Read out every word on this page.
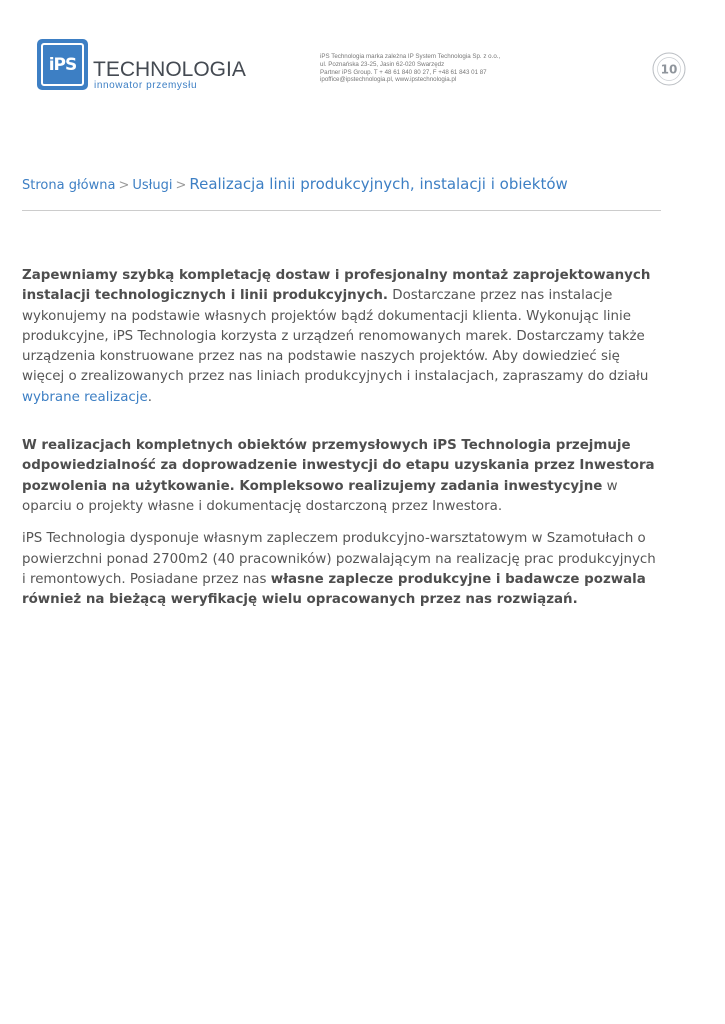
iPS TECHNOLOGIA
innowator przemysłu
iPS Technologia marka zależna IP System Technologia Sp. z o.o.,
ul. Poznańska 23-25, Jasin 62-020 Swarzędz
Partner iPS Group. T + 48 61 840 80 27, F +48 61 843 01 87
ipoffice@ipstechnologia.pl, www.ipstechnologia.pl
10
Strona główna > Usługi > Realizacja linii produkcyjnych, instalacji i obiektów

Zapewniamy szybką kompletację dostaw i profesjonalny montaż zaprojektowanych instalacji technologicznych i linii produkcyjnych. Dostarczane przez nas instalacje wykonujemy na podstawie własnych projektów bądź dokumentacji klienta. Wykonując linie produkcyjne, iPS Technologia korzysta z urządzeń renomowanych marek. Dostarczamy także urządzenia konstruowane przez nas na podstawie naszych projektów. Aby dowiedzieć się więcej o zrealizowanych przez nas liniach produkcyjnych i instalacjach, zapraszamy do działu wybrane realizacje.

W realizacjach kompletnych obiektów przemysłowych iPS Technologia przejmuje odpowiedzialność za doprowadzenie inwestycji do etapu uzyskania przez Inwestora pozwolenia na użytkowanie. Kompleksowo realizujemy zadania inwestycyjne w oparciu o projekty własne i dokumentację dostarczoną przez Inwestora.

iPS Technologia dysponuje własnym zapleczem produkcyjno-warsztatowym w Szamotułach o powierzchni ponad 2700m2 (40 pracowników) pozwalającym na realizację prac produkcyjnych i remontowych. Posiadane przez nas własne zaplecze produkcyjne i badawcze pozwala również na bieżącą weryfikację wielu opracowanych przez nas rozwiązań.
